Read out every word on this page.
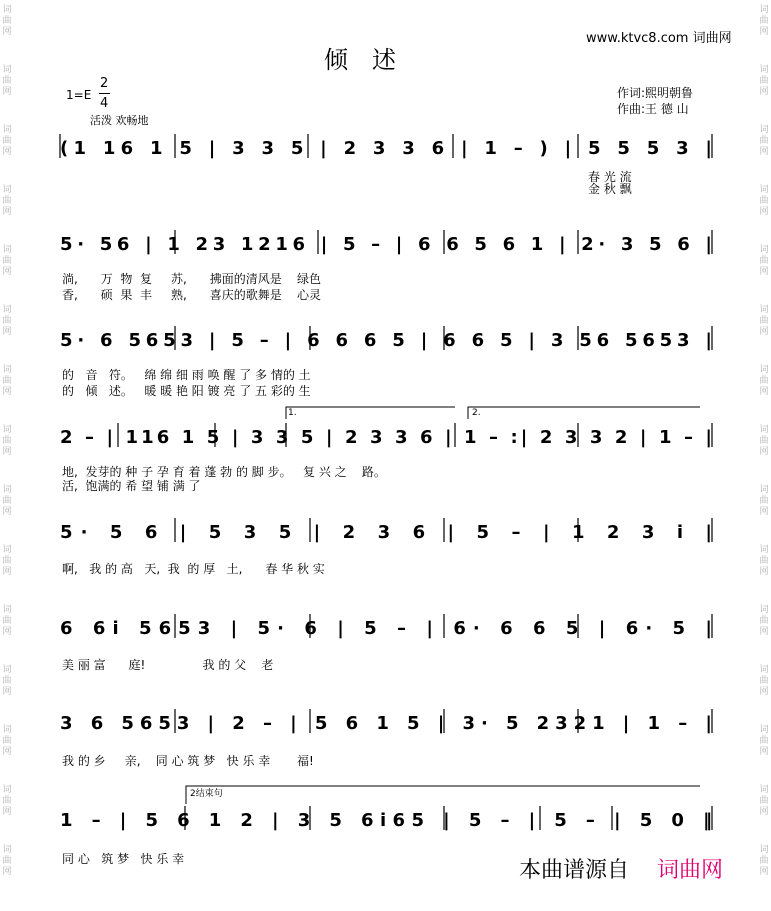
词
曲
网
词
曲
网
词
曲
网
词
曲
网
词
曲
网
词
曲
网
词
曲
网
词
曲
网
词
曲
网
词
曲
网
词
曲
网
词
曲
网
词
曲
网
词
曲
网
词
曲
网
词
曲
网
词
曲
网
词
曲
网
词
曲
网
词
曲
网
词
曲
网
词
曲
网
词
曲
网
词
曲
网
词
曲
网
词
曲
网
词
曲
网
词
曲
网
词
曲
网
词
曲
网
www.ktvc8.com 词曲网
倾述
1=E
2
4
活泼 欢畅地
作词:熙明朝鲁
作曲:王 德 山
(1 16 1 5 | 3 3 5 | 2 3 3 6 | 1 – ) | 5 5 5 3 |
5· 56 | 1 23 1216 | 5 – | 6 6 5 6 1 | 2· 3 5 6 |
5· 6 5653 | 5 – | 6 6 6 5 | 6 6 5 | 3 56 5653 |
2 – | 116 1 5 | 3 3 5 | 2 3 3 6 | 1 – :| 2 3 3 2 | 1 – |
1.	2.
5· 5 6 | 5 3 5 | 2 3 6 | 5 – | 1 2 3 i |
6 6i 5653 | 5· 6 | 5 – | 6· 6 6 5 | 6· 5 |
3 6 5653 | 2 – | 5 6 1 5 | 3· 5 2321 | 1 – |
1 – | 5 6 1 2 | 3 5 6i65 | 5 – | 5 – | 5 0 ‖
2结束句
春 光 流
金 秋 飘
淌,      万  物  复     苏,      拂面的清风是    绿色
香,      硕  果  丰     熟,      喜庆的歌舞是    心灵
的   音   符。   绵 绵 细 雨 唤 醒 了 多 情的 土
的   倾   述。   暖 暖 艳 阳 镀 亮 了 五 彩的 生
地,  发芽的 种 子 孕 育 着 蓬 勃 的 脚 步。   复 兴 之    路。
活,  饱满的 希 望 铺 满 了
啊,   我 的 高   天,  我  的 厚   土,      春 华 秋 实
美 丽 富      庭!               我 的 父    老
我 的 乡     亲,    同 心 筑 梦   快 乐 幸       福!
同 心   筑 梦   快 乐 幸	本曲谱源自 词曲网
